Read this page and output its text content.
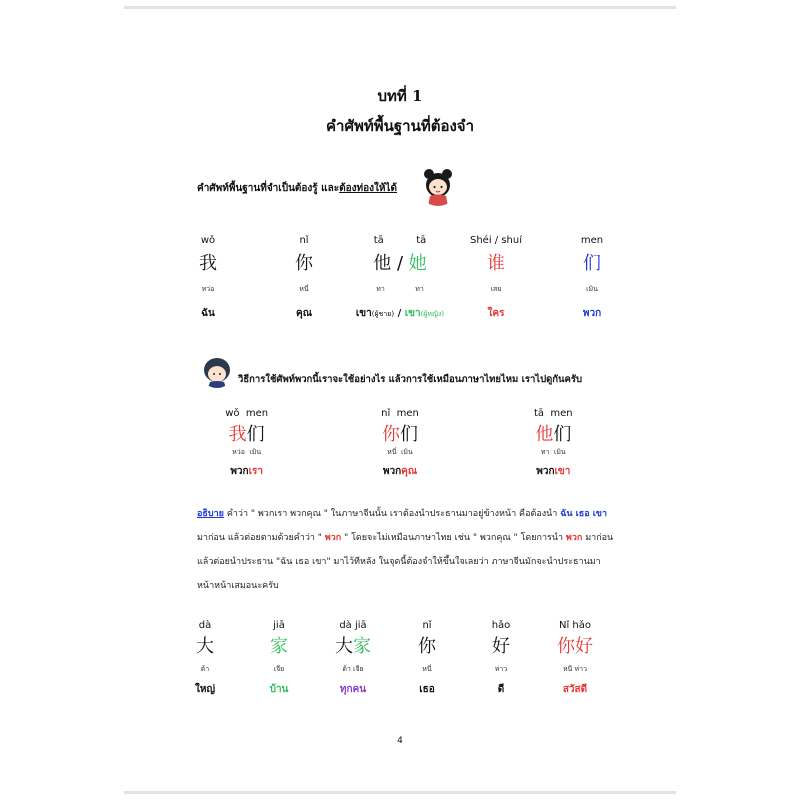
บทที่ 1
คำศัพท์พื้นฐานที่ต้องจำ
คำศัพท์พื้นฐานที่จำเป็นต้องรู้ และต้องท่องให้ได้
wǒ	nǐ	tā	tā	Shéi / shuí	men
我	你	他 / 她	谁	们
หว่อ	หนี่	ทา	ทา	เสย	เมิน
ฉัน	คุณ	เขา(ผู้ชาย) / เขา(ผู้หญิง)	ใคร	พวก
วิธีการใช้ศัพท์พวกนี้เราจะใช้อย่างไร แล้วการใช้เหมือนภาษาไทยไหม เราไปดูกันครับ
wǒ men	nǐ men	tā men
我们	你们	他们
หว่อ เมิน	หนี่ เมิน	ทา เมิน
พวกเรา	พวกคุณ	พวกเขา
อธิบาย คำว่า " พวกเรา พวกคุณ " ในภาษาจีนนั้น เราต้องนำประธานมาอยู่ข้างหน้า คือต้องนำ ฉัน เธอ เขา มาก่อน แล้วต่อยตามด้วยคำว่า " พวก " โดยจะไม่เหมือนภาษาไทย เช่น " พวกคุณ " โดยการนำ พวก มาก่อนแล้วต่อยนำประธาน "ฉัน เธอ เขา" มาไว้ทีหลัง ในจุดนี้ต้องจำให้ขึ้นใจเลยว่า ภาษาจีนมักจะนำประธานมาหน้าหน้าเสมอนะครับ
dà	jiā	dà jiā	nǐ	hǎo	Nǐ hǎo
大	家	大家	你	好	你好
ต้า	เจีย	ต้า เจีย	หนี่	ห่าว	หนี ห่าว
ใหญ่	บ้าน	ทุกคน	เธอ	ดี	สวัสดี
4
